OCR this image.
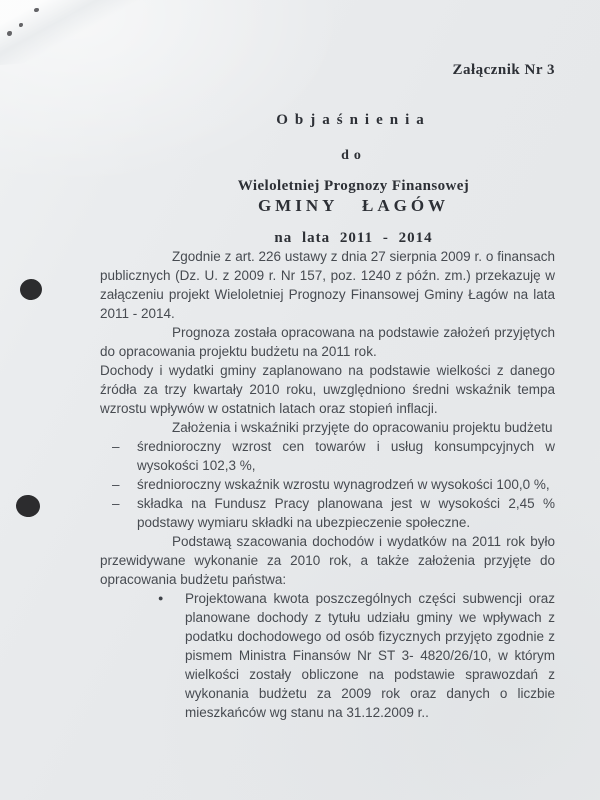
Załącznik Nr 3
Objaśnienia
do
Wieloletniej Prognozy Finansowej
GMINY ŁAGÓW
na lata 2011 - 2014

Zgodnie z art. 226 ustawy z dnia 27 sierpnia 2009 r. o finansach publicznych (Dz. U. z 2009 r. Nr 157, poz. 1240 z późn. zm.) przekazuję w załączeniu projekt Wieloletniej Prognozy Finansowej Gminy Łagów na lata 2011 - 2014.

Prognoza została opracowana na podstawie założeń przyjętych do opracowania projektu budżetu na 2011 rok.

Dochody i wydatki gminy zaplanowano na podstawie wielkości z danego źródła za trzy kwartały 2010 roku, uwzględniono średni wskaźnik tempa wzrostu wpływów w ostatnich latach oraz stopień inflacji.

Założenia i wskaźniki przyjęte do opracowaniu projektu budżetu

–	średnioroczny wzrost cen towarów i usług konsumpcyjnych w wysokości 102,3 %,
–	średnioroczny wskaźnik wzrostu wynagrodzeń w wysokości 100,0 %,
–	składka na Fundusz Pracy planowana jest w wysokości 2,45 % podstawy wymiaru składki na ubezpieczenie społeczne.

Podstawą szacowania dochodów i wydatków na 2011 rok było przewidywane wykonanie za 2010 rok, a także założenia przyjęte do opracowania budżetu państwa:

●	Projektowana kwota poszczególnych części subwencji oraz planowane dochody z tytułu udziału gminy we wpływach z podatku dochodowego od osób fizycznych przyjęto zgodnie z pismem Ministra Finansów Nr ST 3- 4820/26/10, w którym wielkości zostały obliczone na podstawie sprawozdań z wykonania budżetu za 2009 rok oraz danych o liczbie mieszkańców wg stanu na 31.12.2009 r..
